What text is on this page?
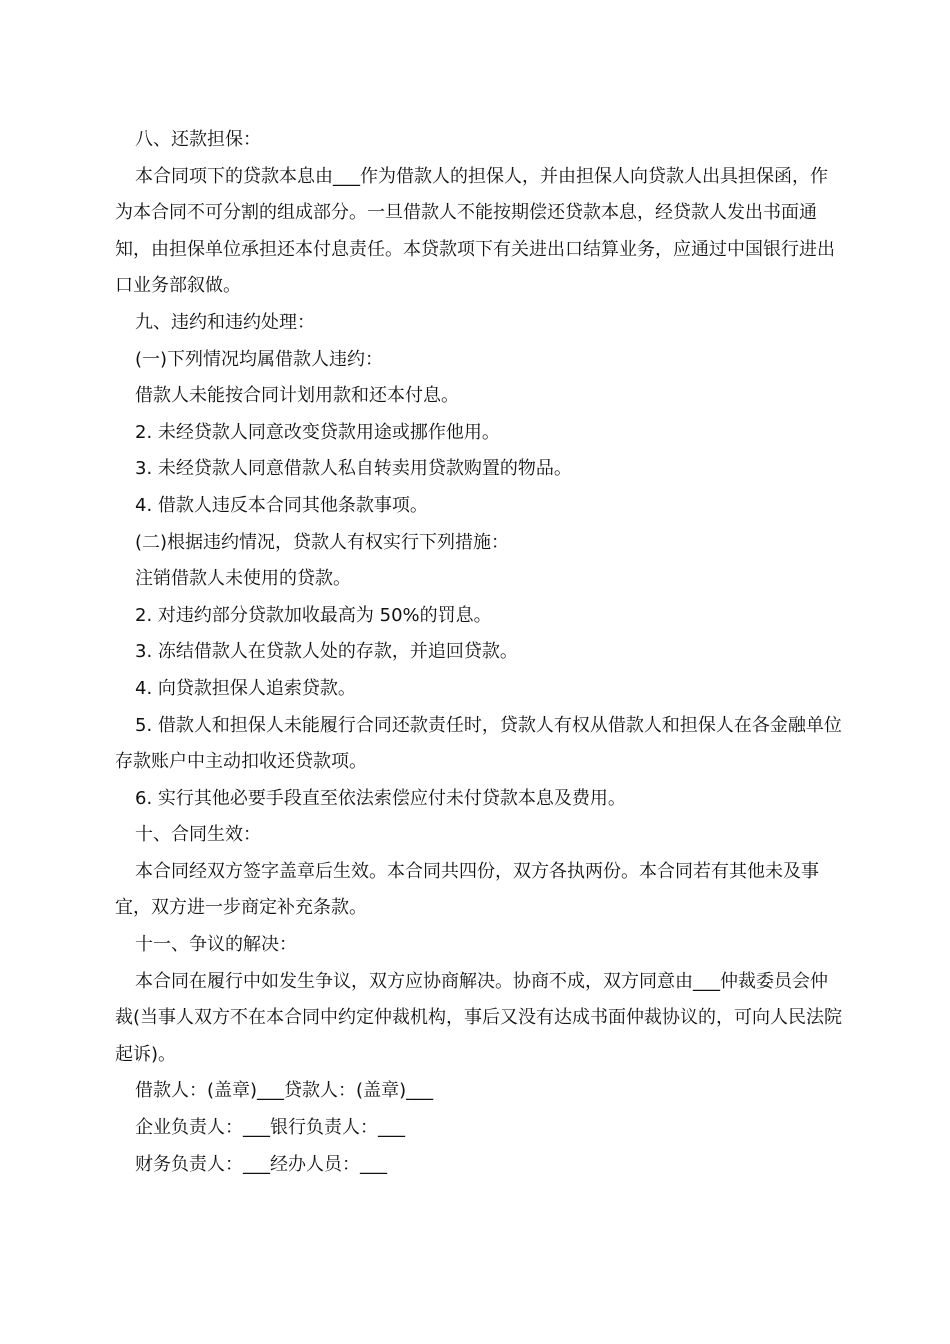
八、还款担保：

本合同项下的贷款本息由___作为借款人的担保人，并由担保人向贷款人出具担保函，作为本合同不可分割的组成部分。一旦借款人不能按期偿还贷款本息，经贷款人发出书面通知，由担保单位承担还本付息责任。本贷款项下有关进出口结算业务，应通过中国银行进出口业务部叙做。

九、违约和违约处理：

(一)下列情况均属借款人违约：

借款人未能按合同计划用款和还本付息。

2. 未经贷款人同意改变贷款用途或挪作他用。

3. 未经贷款人同意借款人私自转卖用贷款购置的物品。

4. 借款人违反本合同其他条款事项。

(二)根据违约情况，贷款人有权实行下列措施：

注销借款人未使用的贷款。

2. 对违约部分贷款加收最高为 50%的罚息。

3. 冻结借款人在贷款人处的存款，并追回贷款。

4. 向贷款担保人追索贷款。

5. 借款人和担保人未能履行合同还款责任时，贷款人有权从借款人和担保人在各金融单位存款账户中主动扣收还贷款项。

6. 实行其他必要手段直至依法索偿应付未付贷款本息及费用。

十、合同生效：

本合同经双方签字盖章后生效。本合同共四份，双方各执两份。本合同若有其他未及事宜，双方进一步商定补充条款。

十一、争议的解决：

本合同在履行中如发生争议，双方应协商解决。协商不成，双方同意由___仲裁委员会仲裁(当事人双方不在本合同中约定仲裁机构，事后又没有达成书面仲裁协议的，可向人民法院起诉)。

借款人：(盖章)___贷款人：(盖章)___

企业负责人：___银行负责人：___

财务负责人：___经办人员：___
